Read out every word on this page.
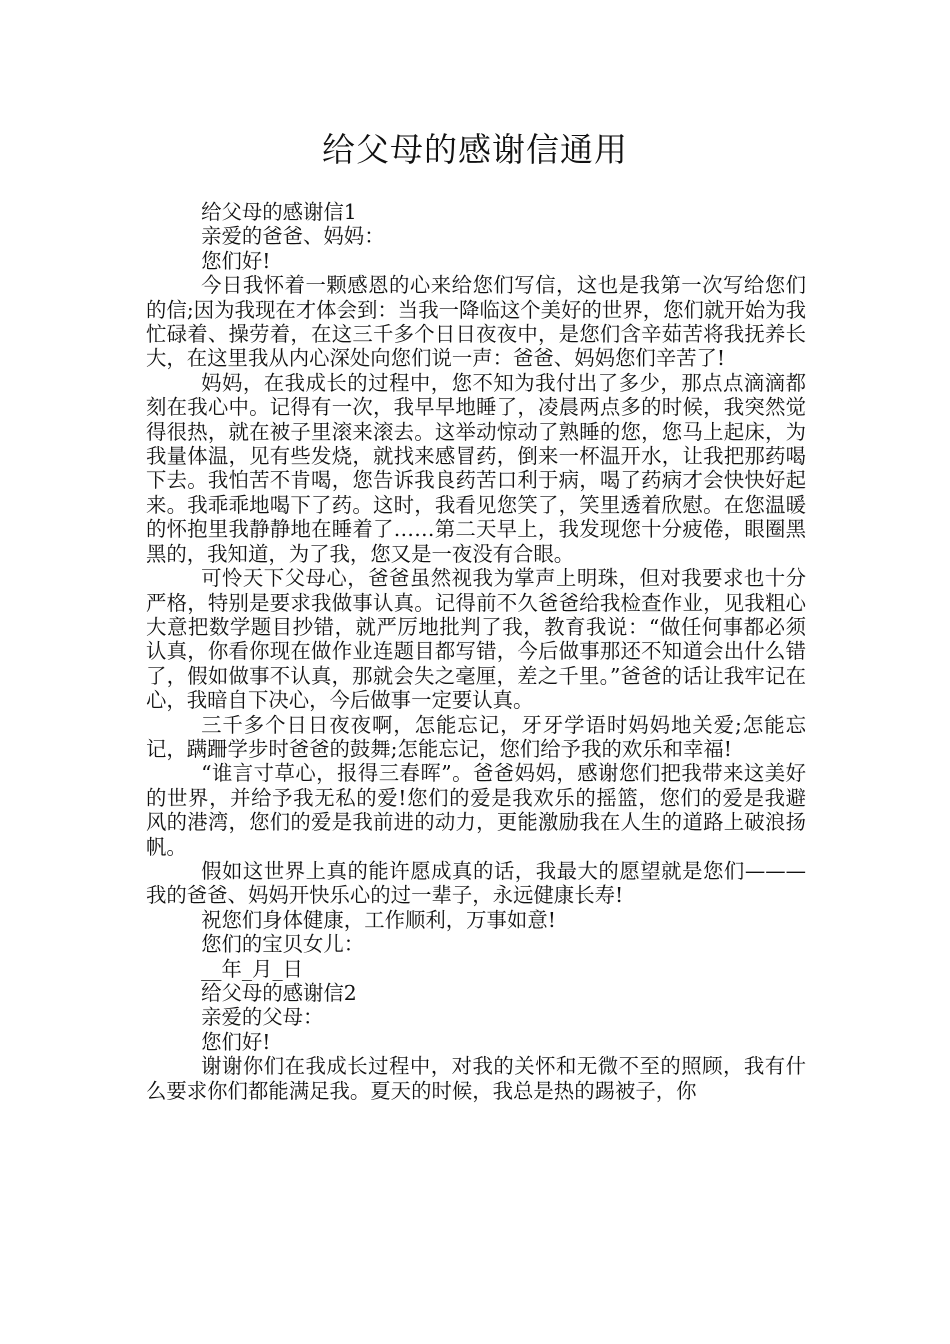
给父母的感谢信通用

给父母的感谢信1

亲爱的爸爸、妈妈：

您们好!

今日我怀着一颗感恩的心来给您们写信，这也是我第一次写给您们的信;因为我现在才体会到：当我一降临这个美好的世界，您们就开始为我忙碌着、操劳着，在这三千多个日日夜夜中，是您们含辛茹苦将我抚养长大，在这里我从内心深处向您们说一声：爸爸、妈妈您们辛苦了!

妈妈，在我成长的过程中，您不知为我付出了多少，那点点滴滴都刻在我心中。记得有一次，我早早地睡了，凌晨两点多的时候，我突然觉得很热，就在被子里滚来滚去。这举动惊动了熟睡的您，您马上起床，为我量体温，见有些发烧，就找来感冒药，倒来一杯温开水，让我把那药喝下去。我怕苦不肯喝，您告诉我良药苦口利于病，喝了药病才会快快好起来。我乖乖地喝下了药。这时，我看见您笑了，笑里透着欣慰。在您温暖的怀抱里我静静地在睡着了……第二天早上，我发现您十分疲倦，眼圈黑黑的，我知道，为了我，您又是一夜没有合眼。

可怜天下父母心，爸爸虽然视我为掌声上明珠，但对我要求也十分严格，特别是要求我做事认真。记得前不久爸爸给我检查作业，见我粗心大意把数学题目抄错，就严厉地批判了我，教育我说：“做任何事都必须认真，你看你现在做作业连题目都写错，今后做事那还不知道会出什么错了，假如做事不认真，那就会失之毫厘，差之千里。”爸爸的话让我牢记在心，我暗自下决心，今后做事一定要认真。

三千多个日日夜夜啊，怎能忘记，牙牙学语时妈妈地关爱;怎能忘记，蹒跚学步时爸爸的鼓舞;怎能忘记，您们给予我的欢乐和幸福!

“谁言寸草心，报得三春晖”。爸爸妈妈，感谢您们把我带来这美好的世界，并给予我无私的爱!您们的爱是我欢乐的摇篮，您们的爱是我避风的港湾，您们的爱是我前进的动力，更能激励我在人生的道路上破浪扬帆。

假如这世界上真的能许愿成真的话，我最大的愿望就是您们———我的爸爸、妈妈开快乐心的过一辈子，永远健康长寿!

祝您们身体健康，工作顺利，万事如意!

您们的宝贝女儿：

__年_月_日

给父母的感谢信2

亲爱的父母：

您们好!

谢谢你们在我成长过程中，对我的关怀和无微不至的照顾，我有什么要求你们都能满足我。夏天的时候，我总是热的踢被子，你
